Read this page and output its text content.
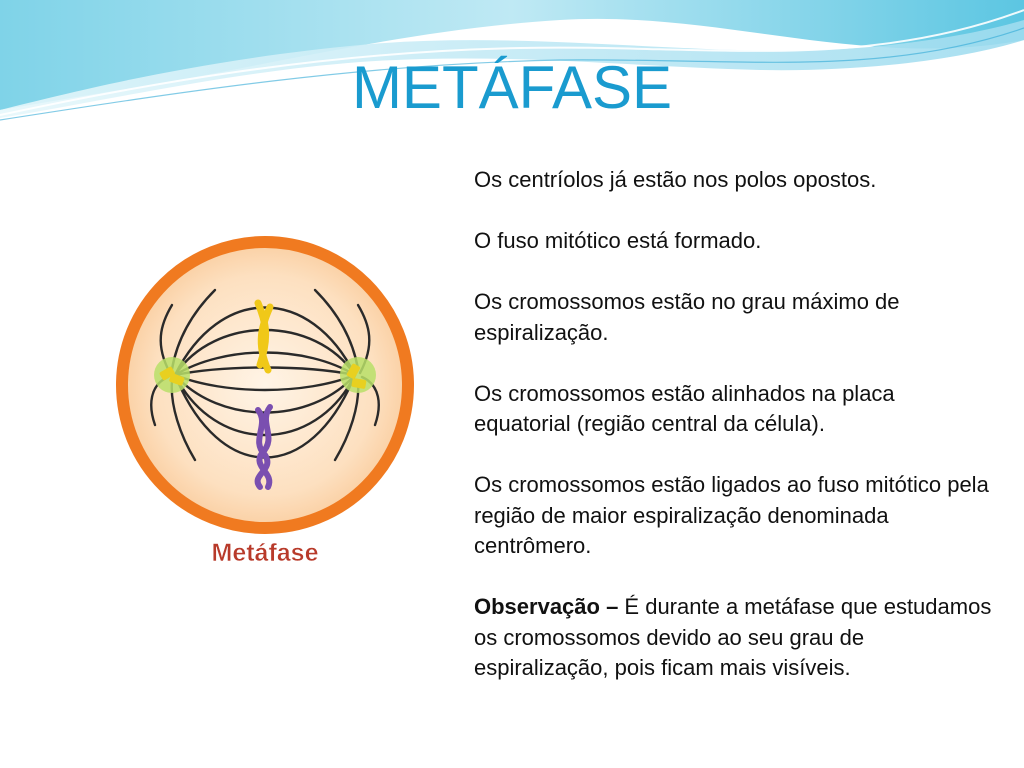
METÁFASE
Metáfase

Os centríolos já estão nos polos opostos.

O fuso mitótico está formado.

Os cromossomos estão no grau máximo de espiralização.

Os cromossomos estão alinhados na placa equatorial (região central da célula).

Os cromossomos estão ligados ao fuso mitótico pela região de maior espiralização denominada centrômero.

Observação – É durante a metáfase que estudamos os cromossomos devido ao seu grau de espiralização, pois ficam mais visíveis.
